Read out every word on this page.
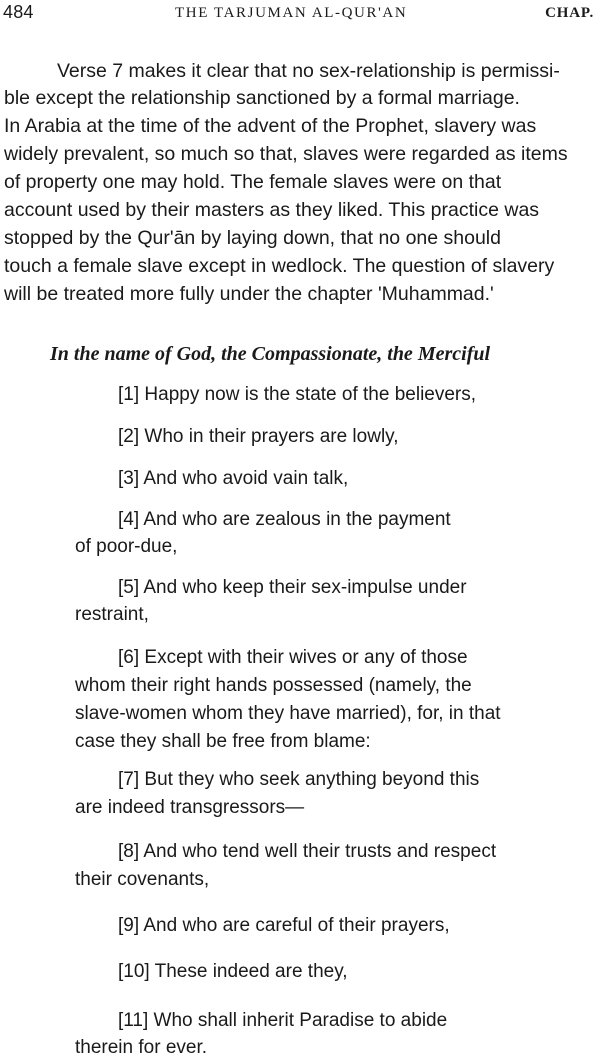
484	THE TARJUMAN AL-QUR'AN	CHAP.
Verse 7 makes it clear that no sex-relationship is permissi-
ble except the relationship sanctioned by a formal marriage.
In Arabia at the time of the advent of the Prophet, slavery was
widely prevalent, so much so that, slaves were regarded as items
of property one may hold. The female slaves were on that
account used by their masters as they liked. This practice was
stopped by the Qur'ān by laying down, that no one should
touch a female slave except in wedlock. The question of slavery
will be treated more fully under the chapter 'Muhammad.'
In the name of God, the Compassionate, the Merciful
[1] Happy now is the state of the believers,
[2] Who in their prayers are lowly,
[3] And who avoid vain talk,
[4] And who are zealous in the payment
of poor-due,
[5] And who keep their sex-impulse under
restraint,
[6] Except with their wives or any of those
whom their right hands possessed (namely, the
slave-women whom they have married), for, in that
case they shall be free from blame:
[7] But they who seek anything beyond this
are indeed transgressors—
[8] And who tend well their trusts and respect
their covenants,
[9] And who are careful of their prayers,
[10] These indeed are they,
[11] Who shall inherit Paradise to abide
therein for ever.
